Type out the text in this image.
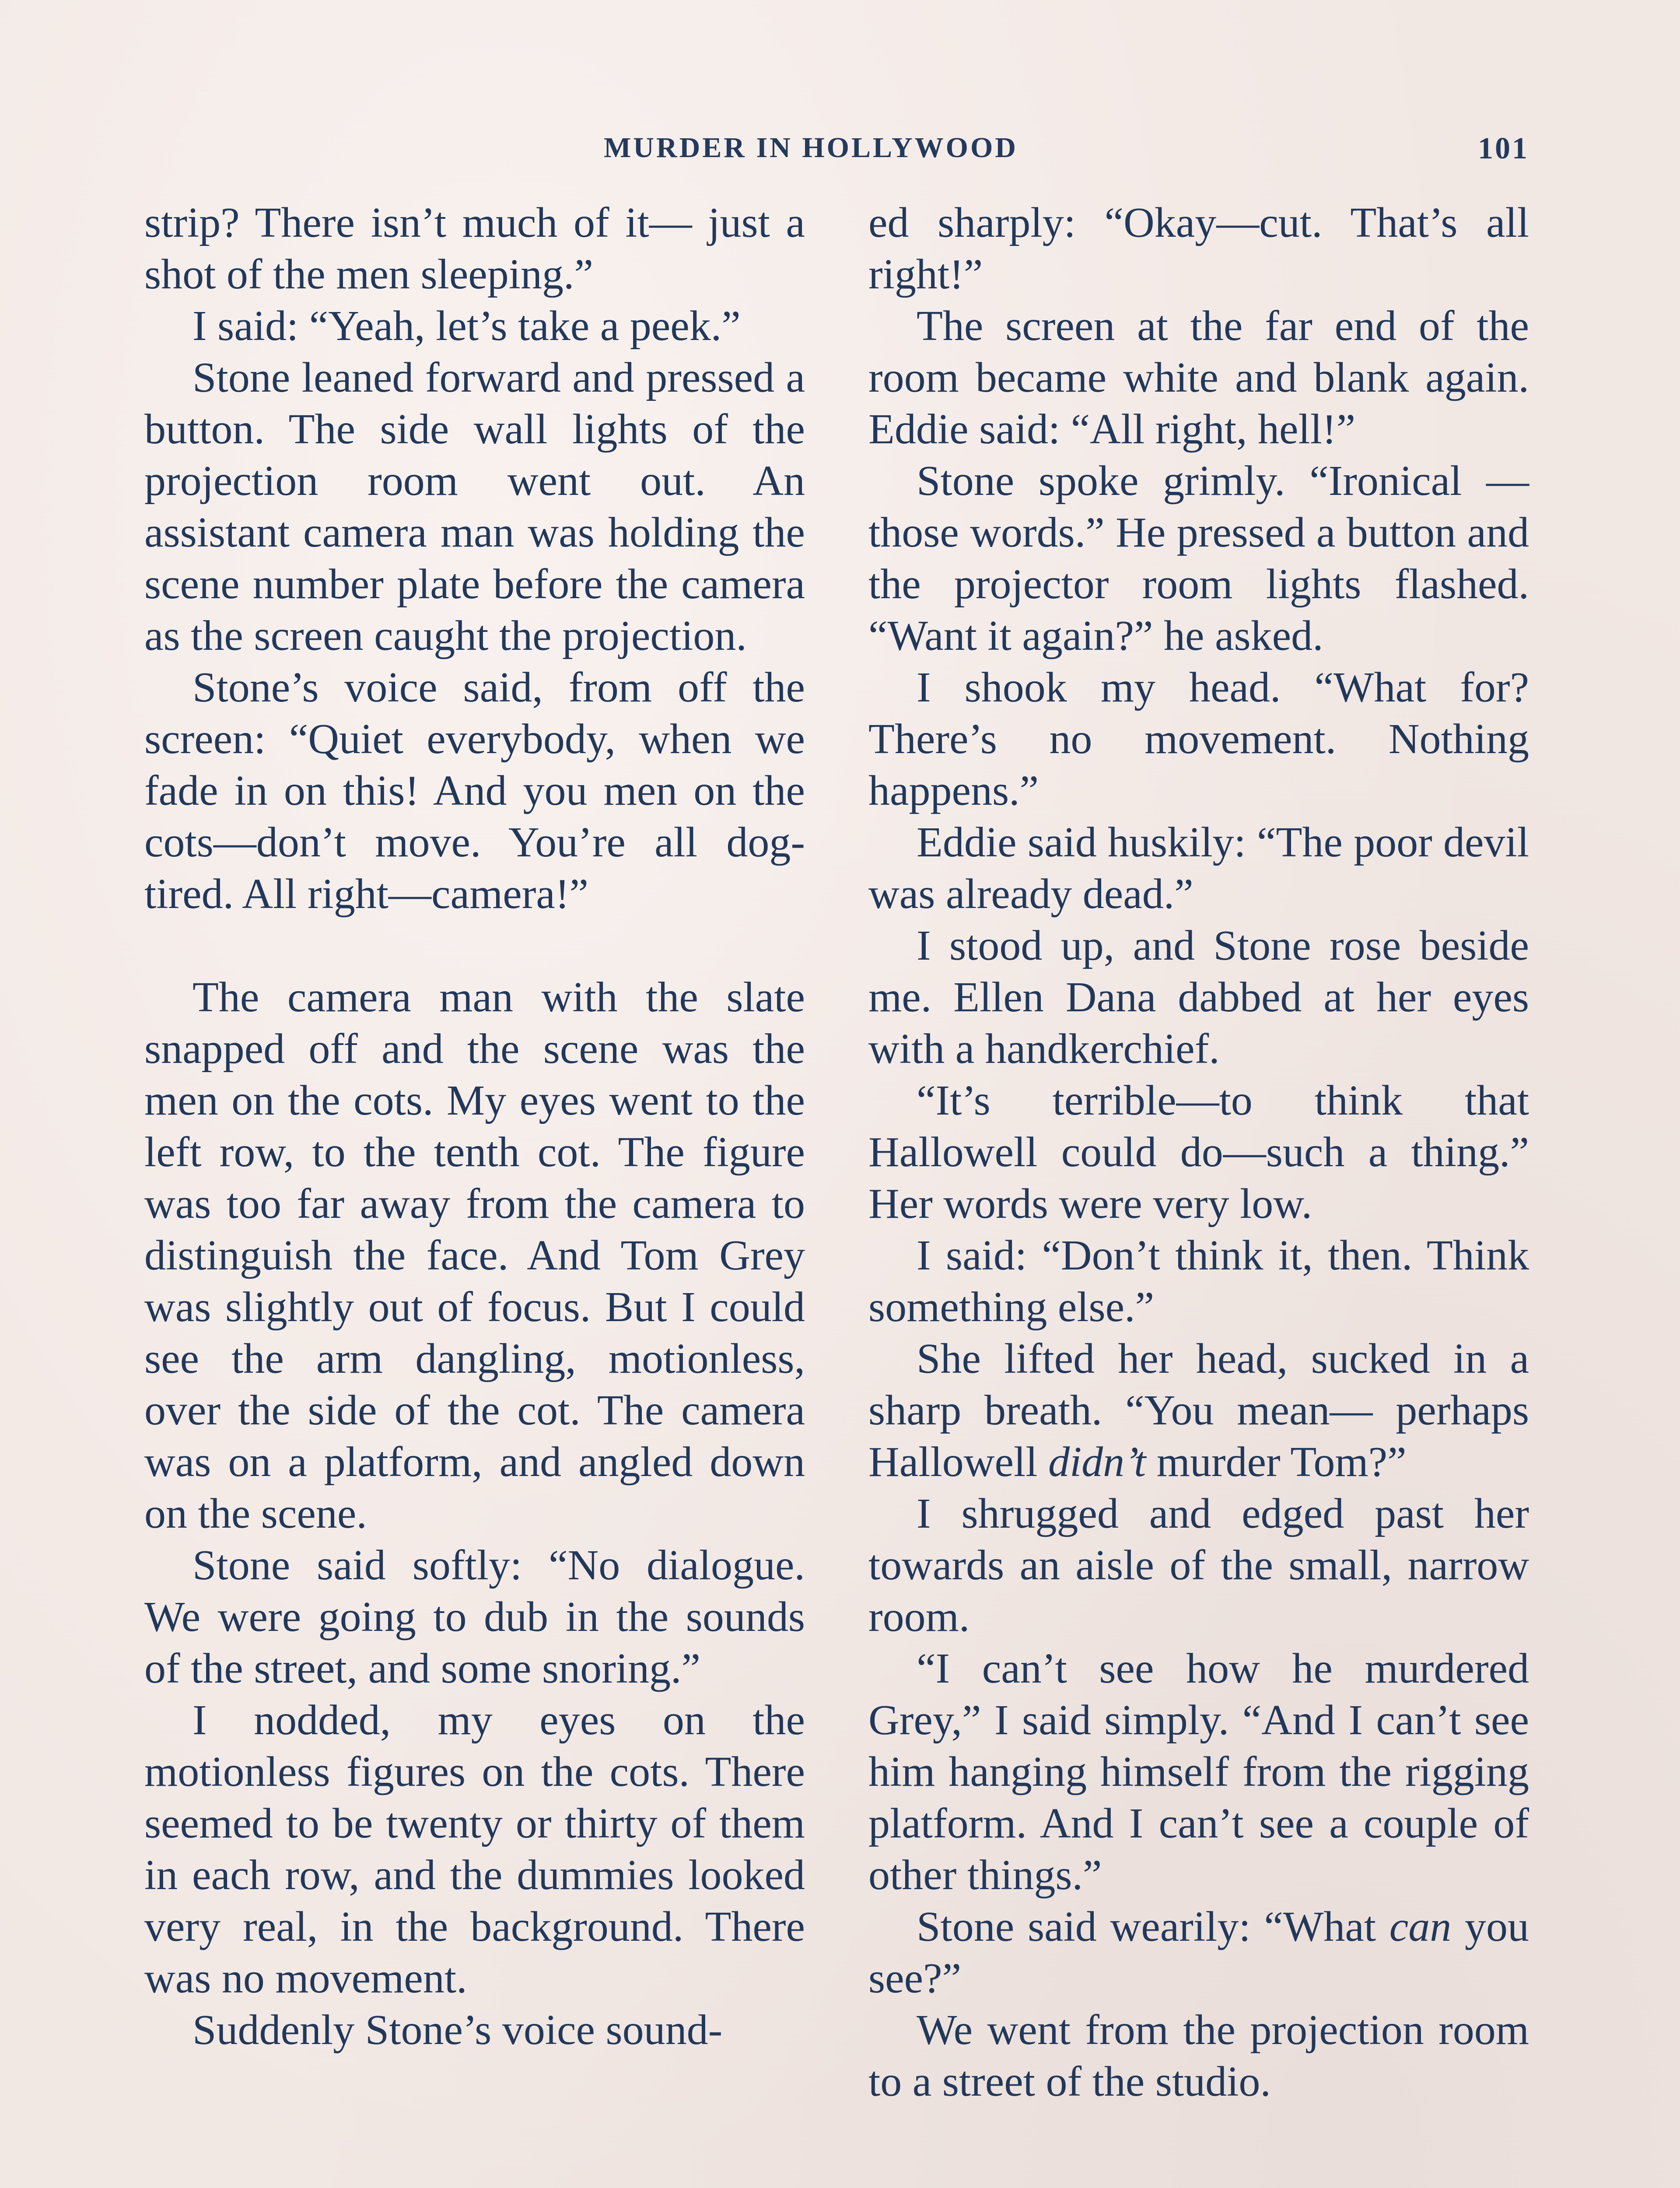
MURDER IN HOLLYWOOD	101

strip? There isn’t much of it— just a shot of the men sleeping.”

I said: “Yeah, let’s take a peek.”

Stone leaned forward and pressed a button. The side wall lights of the projection room went out. An assistant camera man was holding the scene number plate before the camera as the screen caught the projection.

Stone’s voice said, from off the screen: “Quiet everybody, when we fade in on this! And you men on the cots—don’t move. You’re all dog-tired. All right—camera!”

The camera man with the slate snapped off and the scene was the men on the cots. My eyes went to the left row, to the tenth cot. The figure was too far away from the camera to distinguish the face. And Tom Grey was slightly out of focus. But I could see the arm dangling, motionless, over the side of the cot. The camera was on a platform, and angled down on the scene.

Stone said softly: “No dialogue. We were going to dub in the sounds of the street, and some snoring.”

I nodded, my eyes on the motionless figures on the cots. There seemed to be twenty or thirty of them in each row, and the dummies looked very real, in the background. There was no movement.

Suddenly Stone’s voice sound-

ed sharply: “Okay—cut. That’s all right!”

The screen at the far end of the room became white and blank again. Eddie said: “All right, hell!”

Stone spoke grimly. “Ironical —those words.” He pressed a button and the projector room lights flashed. “Want it again?” he asked.

I shook my head. “What for? There’s no movement. Nothing happens.”

Eddie said huskily: “The poor devil was already dead.”

I stood up, and Stone rose beside me. Ellen Dana dabbed at her eyes with a handkerchief.

“It’s terrible—to think that Hallowell could do—such a thing.” Her words were very low.

I said: “Don’t think it, then. Think something else.”

She lifted her head, sucked in a sharp breath. “You mean— perhaps Hallowell didn’t murder Tom?”

I shrugged and edged past her towards an aisle of the small, narrow room.

“I can’t see how he murdered Grey,” I said simply. “And I can’t see him hanging himself from the rigging platform. And I can’t see a couple of other things.”

Stone said wearily: “What can you see?”

We went from the projection room to a street of the studio.
